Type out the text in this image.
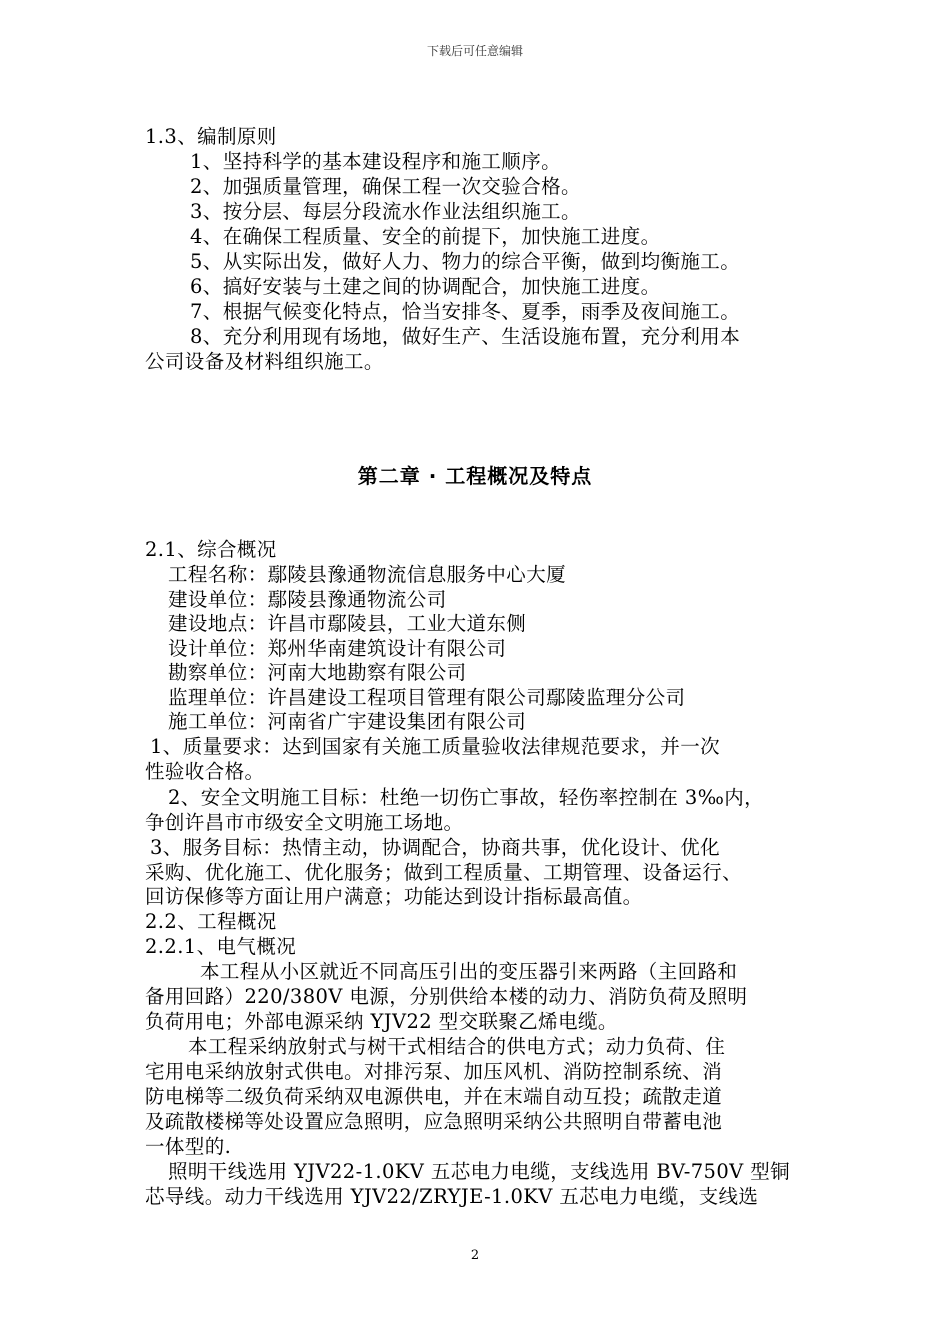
下载后可任意编辑
1.3、编制原则
1、坚持科学的基本建设程序和施工顺序。
2、加强质量管理，确保工程一次交验合格。
3、按分层、每层分段流水作业法组织施工。
4、在确保工程质量、安全的前提下，加快施工进度。
5、从实际出发，做好人力、物力的综合平衡，做到均衡施工。
6、搞好安装与土建之间的协调配合，加快施工进度。
7、根据气候变化特点，恰当安排冬、夏季，雨季及夜间施工。
8、充分利用现有场地，做好生产、生活设施布置，充分利用本
公司设备及材料组织施工。
第二章 · 工程概况及特点
2.1、综合概况
工程名称：鄢陵县豫通物流信息服务中心大厦
建设单位：鄢陵县豫通物流公司
建设地点：许昌市鄢陵县，工业大道东侧
设计单位：郑州华南建筑设计有限公司
勘察单位：河南大地勘察有限公司
监理单位：许昌建设工程项目管理有限公司鄢陵监理分公司
施工单位：河南省广宇建设集团有限公司
1、质量要求：达到国家有关施工质量验收法律规范要求，并一次
性验收合格。
2、安全文明施工目标：杜绝一切伤亡事故，轻伤率控制在 3‰内，
争创许昌市市级安全文明施工场地。
3、服务目标：热情主动，协调配合，协商共事，优化设计、优化
采购、优化施工、优化服务；做到工程质量、工期管理、设备运行、
回访保修等方面让用户满意；功能达到设计指标最高值。
2.2、工程概况
2.2.1、电气概况
本工程从小区就近不同高压引出的变压器引来两路（主回路和
备用回路）220/380V 电源，分别供给本楼的动力、消防负荷及照明
负荷用电；外部电源采纳 YJV22 型交联聚乙烯电缆。
本工程采纳放射式与树干式相结合的供电方式；动力负荷、住
宅用电采纳放射式供电。对排污泵、加压风机、消防控制系统、消
防电梯等二级负荷采纳双电源供电，并在末端自动互投；疏散走道
及疏散楼梯等处设置应急照明，应急照明采纳公共照明自带蓄电池
一体型的.
照明干线选用 YJV22-1.0KV 五芯电力电缆，支线选用 BV-750V 型铜
芯导线。动力干线选用 YJV22/ZRYJE-1.0KV 五芯电力电缆，支线选
2
